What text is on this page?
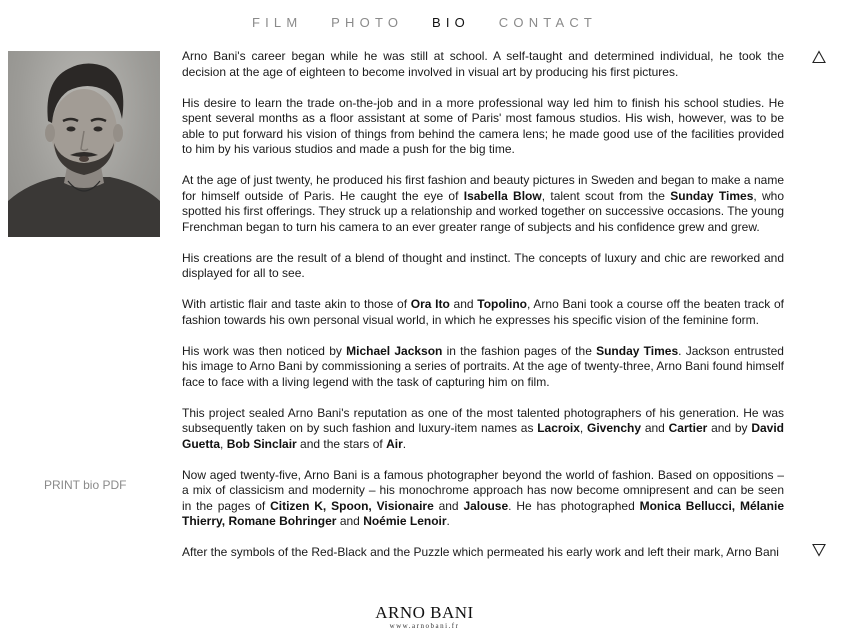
FILM PHOTO BIO CONTACT
PRINT bio PDF

Arno Bani's career began while he was still at school. A self-taught and determined individual, he took the decision at the age of eighteen to become involved in visual art by producing his first pictures.

His desire to learn the trade on-the-job and in a more professional way led him to finish his school studies. He spent several months as a floor assistant at some of Paris' most famous studios. His wish, however, was to be able to put forward his vision of things from behind the camera lens; he made good use of the facilities provided to him by his various studios and made a push for the big time.

At the age of just twenty, he produced his first fashion and beauty pictures in Sweden and began to make a name for himself outside of Paris. He caught the eye of Isabella Blow, talent scout from the Sunday Times, who spotted his first offerings. They struck up a relationship and worked together on successive occasions. The young Frenchman began to turn his camera to an ever greater range of subjects and his confidence grew and grew.

His creations are the result of a blend of thought and instinct. The concepts of luxury and chic are reworked and displayed for all to see.

With artistic flair and taste akin to those of Ora Ito and Topolino, Arno Bani took a course off the beaten track of fashion towards his own personal visual world, in which he expresses his specific vision of the feminine form.

His work was then noticed by Michael Jackson in the fashion pages of the Sunday Times. Jackson entrusted his image to Arno Bani by commissioning a series of portraits. At the age of twenty-three, Arno Bani found himself face to face with a living legend with the task of capturing him on film.

This project sealed Arno Bani's reputation as one of the most talented photographers of his generation. He was subsequently taken on by such fashion and luxury-item names as Lacroix, Givenchy and Cartier and by David Guetta, Bob Sinclair and the stars of Air.

Now aged twenty-five, Arno Bani is a famous photographer beyond the world of fashion. Based on oppositions – a mix of classicism and modernity – his monochrome approach has now become omnipresent and can be seen in the pages of Citizen K, Spoon, Visionaire and Jalouse. He has photographed Monica Bellucci, Mélanie Thierry, Romane Bohringer and Noémie Lenoir.

After the symbols of the Red-Black and the Puzzle which permeated his early work and left their mark, Arno Bani

ARNO BANI
www.arnobani.fr
